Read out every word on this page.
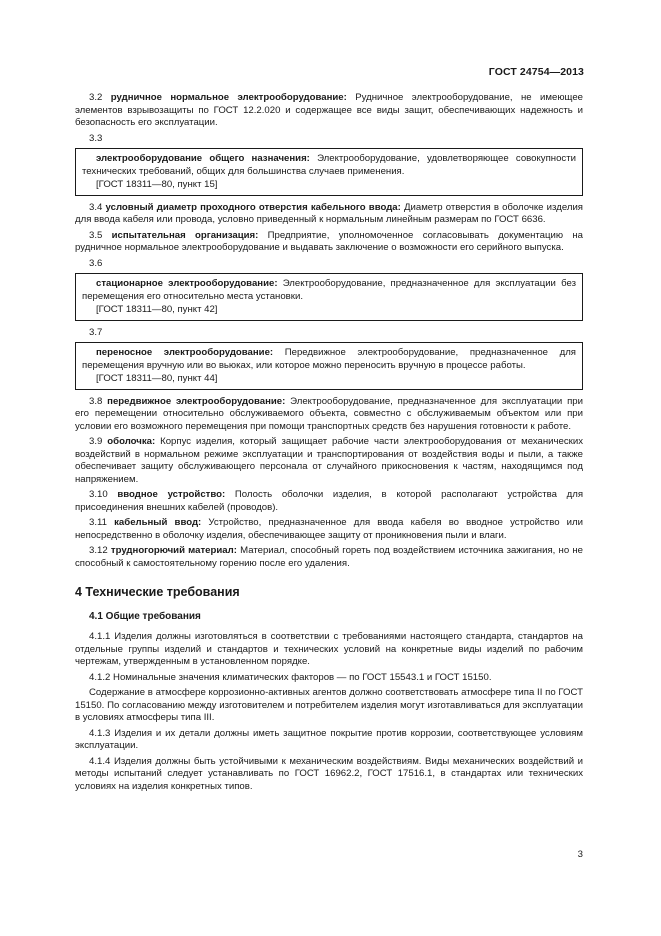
ГОСТ 24754—2013

3.2 рудничное нормальное электрооборудование: Рудничное электрооборудование, не имеющее элементов взрывозащиты по ГОСТ 12.2.020 и содержащее все виды защит, обеспечивающих надежность и безопасность его эксплуатации.

3.3

электрооборудование общего назначения: Электрооборудование, удовлетворяющее совокупности технических требований, общих для большинства случаев применения.

[ГОСТ 18311—80, пункт 15]

3.4 условный диаметр проходного отверстия кабельного ввода: Диаметр отверстия в оболочке изделия для ввода кабеля или провода, условно приведенный к нормальным линейным размерам по ГОСТ 6636.

3.5 испытательная организация: Предприятие, уполномоченное согласовывать документацию на рудничное нормальное электрооборудование и выдавать заключение о возможности его серийного выпуска.

3.6

стационарное электрооборудование: Электрооборудование, предназначенное для эксплуатации без перемещения его относительно места установки.

[ГОСТ 18311—80, пункт 42]

3.7

переносное электрооборудование: Передвижное электрооборудование, предназначенное для перемещения вручную или во вьюках, или которое можно переносить вручную в процессе работы.

[ГОСТ 18311—80, пункт 44]

3.8 передвижное электрооборудование: Электрооборудование, предназначенное для эксплуатации при его перемещении относительно обслуживаемого объекта, совместно с обслуживаемым объектом или при условии его возможного перемещения при помощи транспортных средств без нарушения готовности к работе.

3.9 оболочка: Корпус изделия, который защищает рабочие части электрооборудования от механических воздействий в нормальном режиме эксплуатации и транспортирования от воздействия воды и пыли, а также обеспечивает защиту обслуживающего персонала от случайного прикосновения к частям, находящимся под напряжением.

3.10 вводное устройство: Полость оболочки изделия, в которой располагают устройства для присоединения внешних кабелей (проводов).

3.11 кабельный ввод: Устройство, предназначенное для ввода кабеля во вводное устройство или непосредственно в оболочку изделия, обеспечивающее защиту от проникновения пыли и влаги.

3.12 трудногорючий материал: Материал, способный гореть под воздействием источника зажигания, но не способный к самостоятельному горению после его удаления.

4 Технические требования
4.1 Общие требования

4.1.1 Изделия должны изготовляться в соответствии с требованиями настоящего стандарта, стандартов на отдельные группы изделий и стандартов и технических условий на конкретные виды изделий по рабочим чертежам, утвержденным в установленном порядке.

4.1.2 Номинальные значения климатических факторов — по ГОСТ 15543.1 и ГОСТ 15150.

Содержание в атмосфере коррозионно-активных агентов должно соответствовать атмосфере типа II по ГОСТ 15150. По согласованию между изготовителем и потребителем изделия могут изготавливаться для эксплуатации в условиях атмосферы типа III.

4.1.3 Изделия и их детали должны иметь защитное покрытие против коррозии, соответствующее условиям эксплуатации.

4.1.4 Изделия должны быть устойчивыми к механическим воздействиям. Виды механических воздействий и методы испытаний следует устанавливать по ГОСТ 16962.2, ГОСТ 17516.1, в стандартах или технических условиях на изделия конкретных типов.

3
